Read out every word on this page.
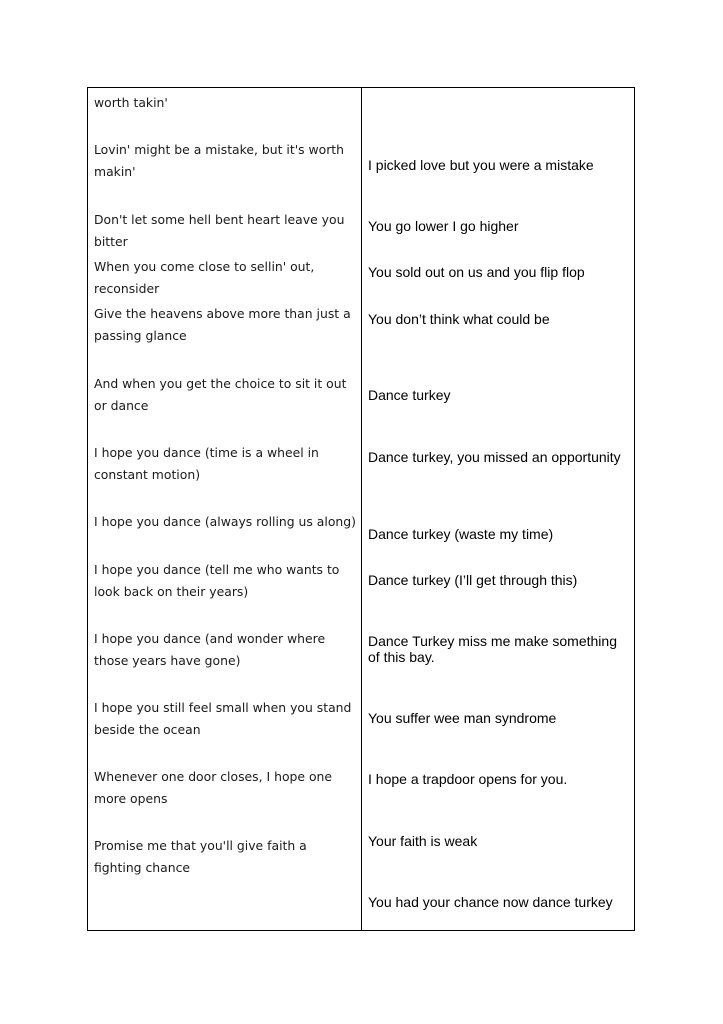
worth takin'
Lovin' might be a mistake, but it's worth makin'
Don't let some hell bent heart leave you bitter
When you come close to sellin' out, reconsider
Give the heavens above more than just a passing glance
And when you get the choice to sit it out or dance
I hope you dance (time is a wheel in constant motion)
I hope you dance (always rolling us along)
I hope you dance (tell me who wants to look back on their years)
I hope you dance (and wonder where those years have gone)
I hope you still feel small when you stand beside the ocean
Whenever one door closes, I hope one more opens
Promise me that you'll give faith a fighting chance
I picked love but you were a mistake
You go lower I go higher
You sold out on us and you flip flop
You don’t think what could be
Dance turkey
Dance turkey, you missed an opportunity
Dance turkey (waste my time)
Dance turkey (I’ll get through this)
Dance Turkey miss me make something of this bay.
You suffer wee man syndrome
I hope a trapdoor opens for you.
Your faith is weak
You had your chance now dance turkey
